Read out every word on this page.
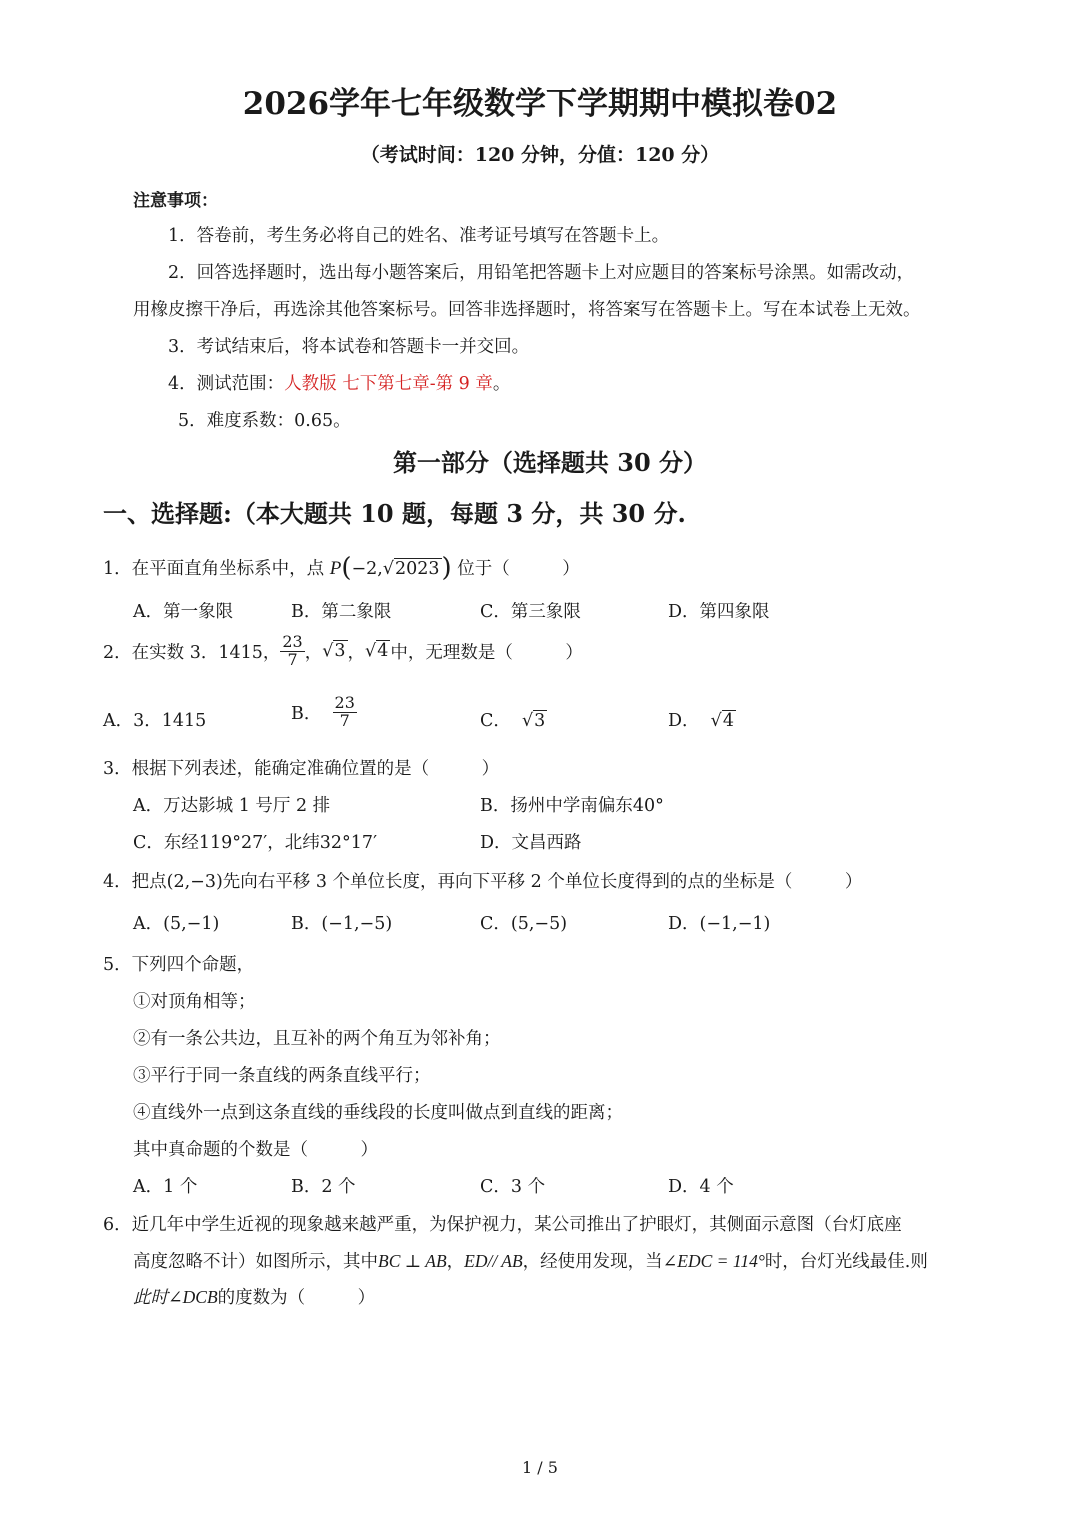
2026学年七年级数学下学期期中模拟卷02
（考试时间：120 分钟，分值：120 分）
注意事项：
1．答卷前，考生务必将自己的姓名、准考证号填写在答题卡上。
2．回答选择题时，选出每小题答案后，用铅笔把答题卡上对应题目的答案标号涂黑。如需改动，
用橡皮擦干净后，再选涂其他答案标号。回答非选择题时，将答案写在答题卡上。写在本试卷上无效。
3．考试结束后，将本试卷和答题卡一并交回。
4．测试范围：人教版 七下第七章-第 9 章。
5．难度系数：0.65。
第一部分（选择题共 30 分）
一、选择题:（本大题共 10 题，每题 3 分，共 30 分.
1．在平面直角坐标系中，点 P(−2,√2023) 位于（　　　）
A．第一象限	B．第二象限	C．第三象限	D．第四象限
2．在实数 3．1415， $\frac{23}{7}$ ，√3 ，√4 中，无理数是（　　　）
A．3．1415	B． $\frac{23}{7}$	C．  √3	D．  √4
3．根据下列表述，能确定准确位置的是（　　　）
A．万达影城 1 号厅 2 排	B．扬州中学南偏东40°
C．东经119°27′，北纬32°17′	D．文昌西路
4．把点(2,−3)先向右平移 3 个单位长度，再向下平移 2 个单位长度得到的点的坐标是（　　　）
A．(5,−1)	B．(−1,−5)	C．(5,−5)	D．(−1,−1)
5．下列四个命题，
①对顶角相等；
②有一条公共边，且互补的两个角互为邻补角；
③平行于同一条直线的两条直线平行；
④直线外一点到这条直线的垂线段的长度叫做点到直线的距离；
其中真命题的个数是（　　　）
A．1 个	B．2 个	C．3 个	D．4 个
6．近几年中学生近视的现象越来越严重，为保护视力，某公司推出了护眼灯，其侧面示意图（台灯底座
高度忽略不计）如图所示，其中BC ⊥ AB，ED// AB，经使用发现，当∠EDC = 114°时，台灯光线最佳.则
此时∠DCB的度数为（　　　）
1 / 5
